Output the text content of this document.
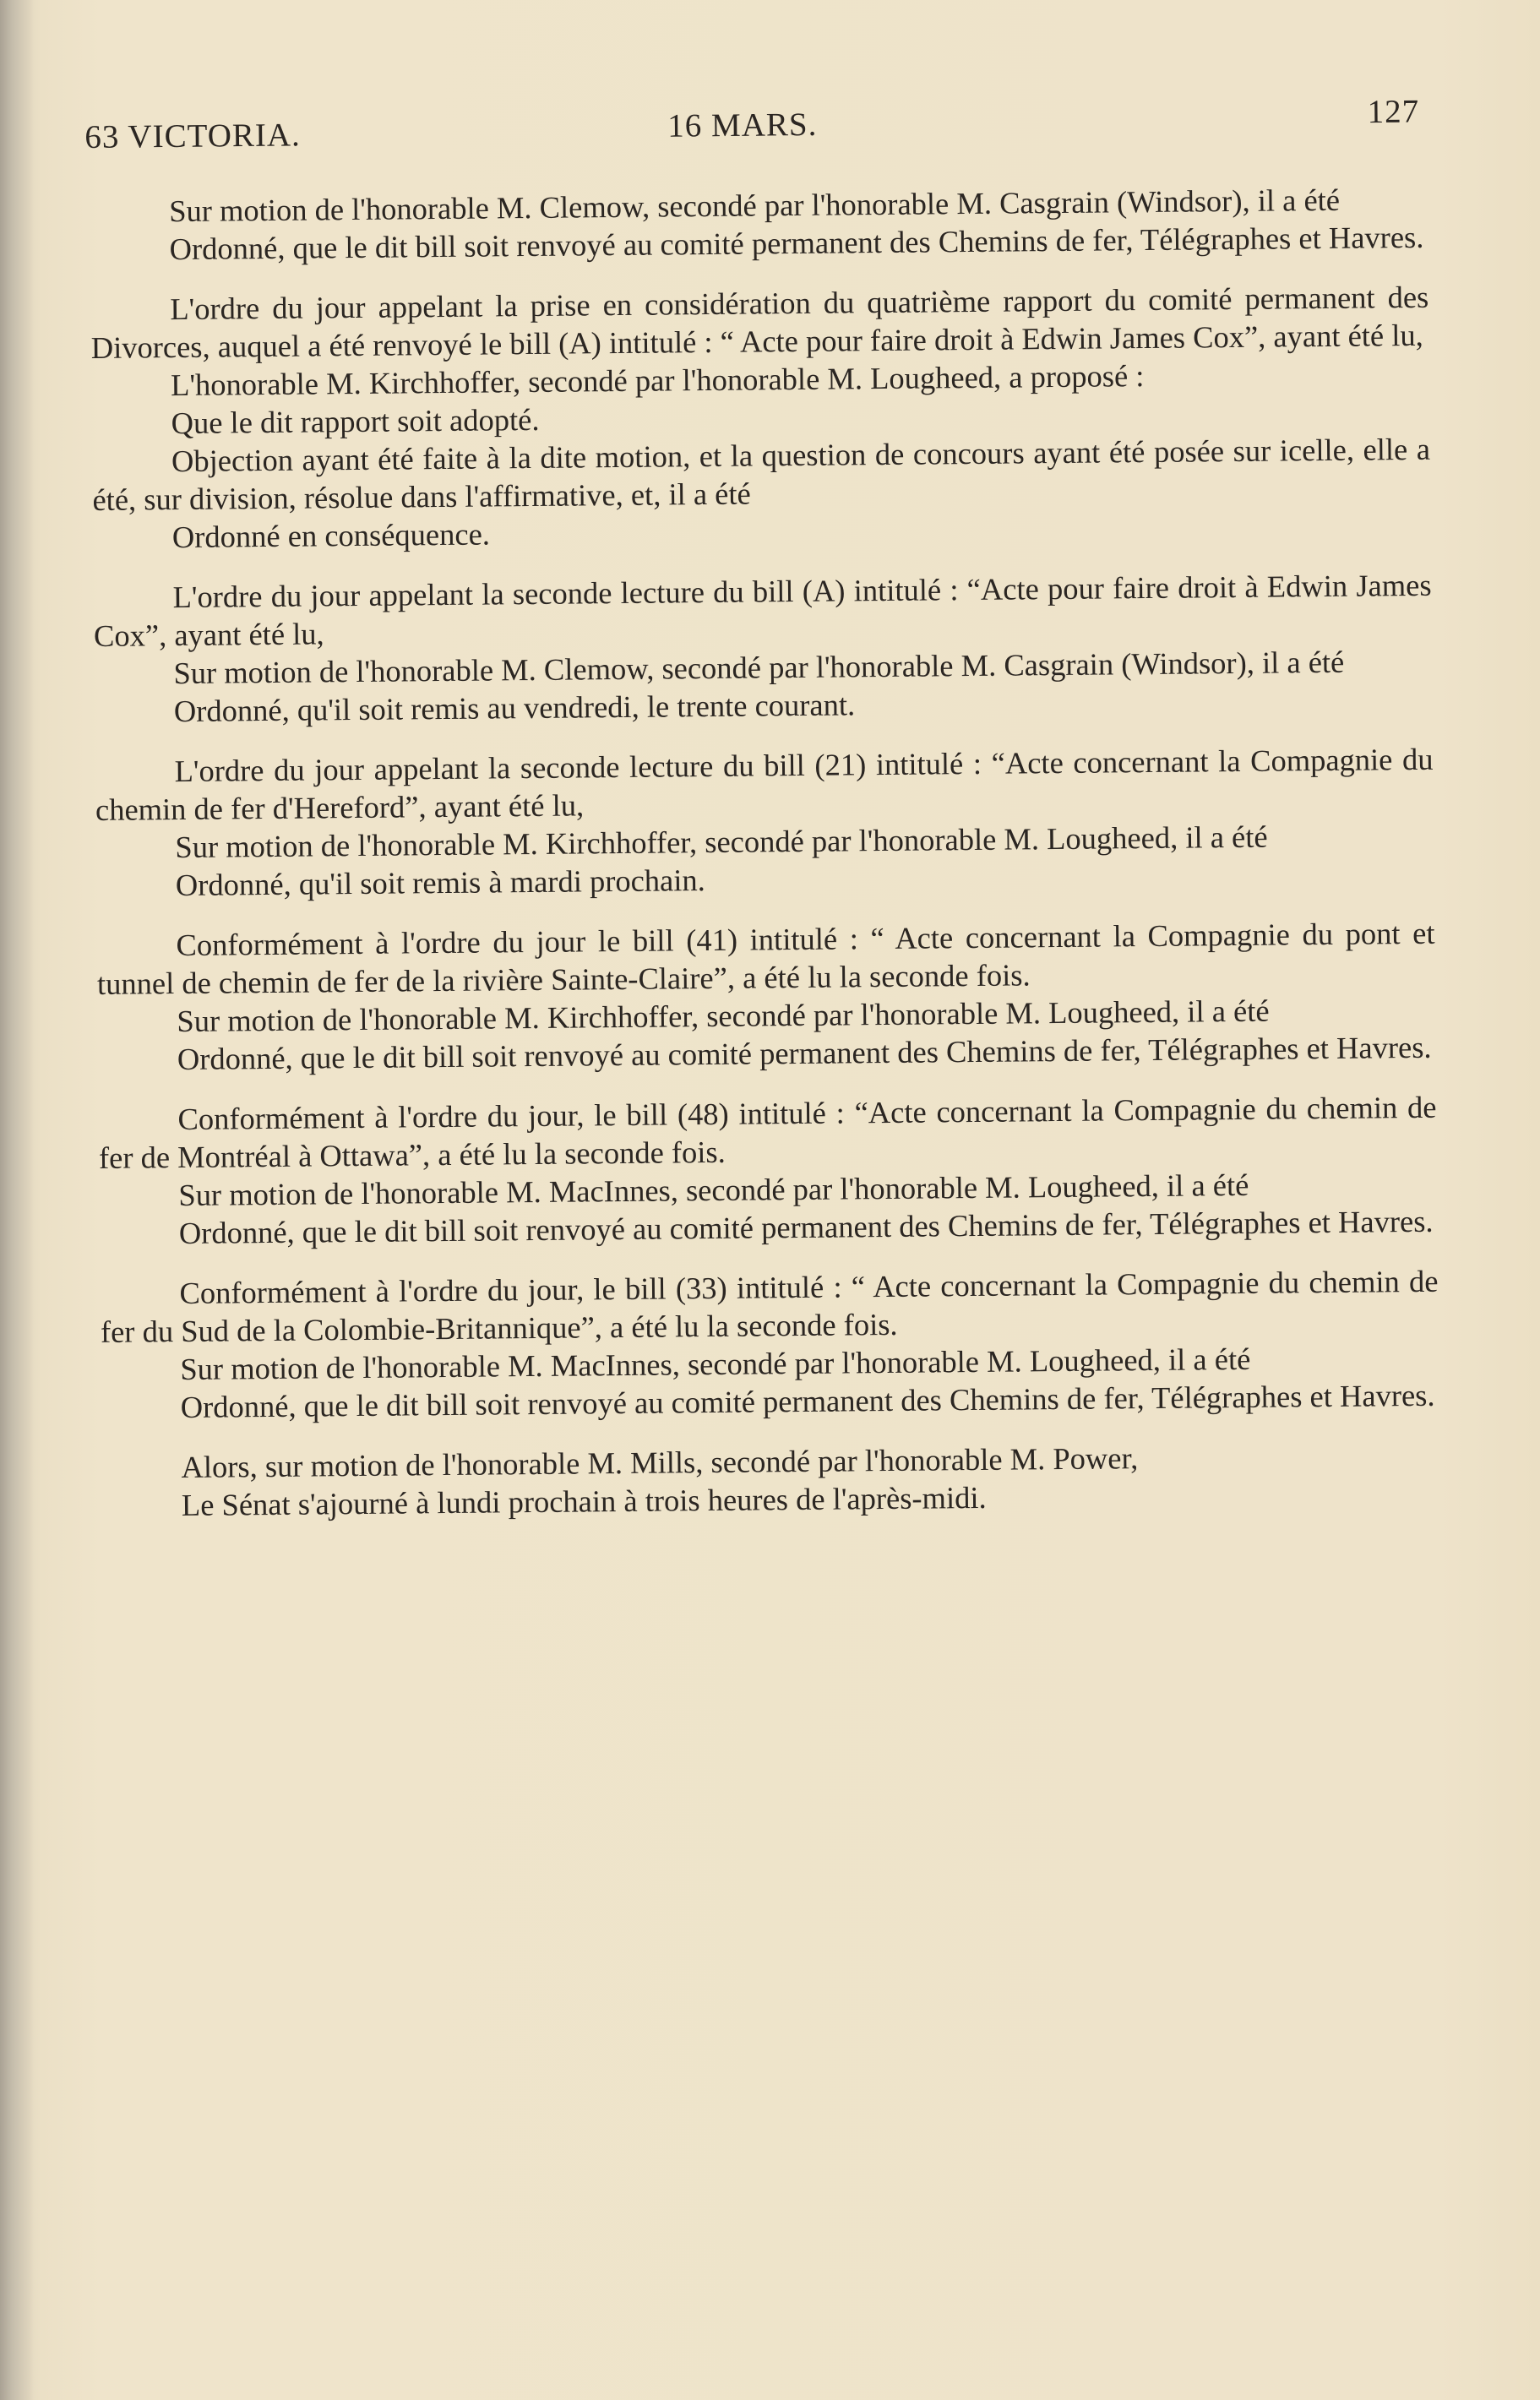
63 VICTORIA.	16 MARS.	127

Sur motion de l'honorable M. Clemow, secondé par l'honorable M. Casgrain (Windsor), il a été

Ordonné, que le dit bill soit renvoyé au comité permanent des Chemins de fer, Télégraphes et Havres.

L'ordre du jour appelant la prise en considération du quatrième rapport du comité permanent des Divorces, auquel a été renvoyé le bill (A) intitulé : “ Acte pour faire droit à Edwin James Cox”, ayant été lu,

L'honorable M. Kirchhoffer, secondé par l'honorable M. Lougheed, a proposé :

Que le dit rapport soit adopté.

Objection ayant été faite à la dite motion, et la question de concours ayant été posée sur icelle, elle a été, sur division, résolue dans l'affirmative, et, il a été

Ordonné en conséquence.

L'ordre du jour appelant la seconde lecture du bill (A) intitulé : “Acte pour faire droit à Edwin James Cox”, ayant été lu,

Sur motion de l'honorable M. Clemow, secondé par l'honorable M. Casgrain (Windsor), il a été

Ordonné, qu'il soit remis au vendredi, le trente courant.

L'ordre du jour appelant la seconde lecture du bill (21) intitulé : “Acte concernant la Compagnie du chemin de fer d'Hereford”, ayant été lu,

Sur motion de l'honorable M. Kirchhoffer, secondé par l'honorable M. Lougheed, il a été

Ordonné, qu'il soit remis à mardi prochain.

Conformément à l'ordre du jour le bill (41) intitulé : “ Acte concernant la Compagnie du pont et tunnel de chemin de fer de la rivière Sainte-Claire”, a été lu la seconde fois.

Sur motion de l'honorable M. Kirchhoffer, secondé par l'honorable M. Lougheed, il a été

Ordonné, que le dit bill soit renvoyé au comité permanent des Chemins de fer, Télégraphes et Havres.

Conformément à l'ordre du jour, le bill (48) intitulé : “Acte concernant la Compagnie du chemin de fer de Montréal à Ottawa”, a été lu la seconde fois.

Sur motion de l'honorable M. MacInnes, secondé par l'honorable M. Lougheed, il a été

Ordonné, que le dit bill soit renvoyé au comité permanent des Chemins de fer, Télégraphes et Havres.

Conformément à l'ordre du jour, le bill (33) intitulé : “ Acte concernant la Compagnie du chemin de fer du Sud de la Colombie-Britannique”, a été lu la seconde fois.

Sur motion de l'honorable M. MacInnes, secondé par l'honorable M. Lougheed, il a été

Ordonné, que le dit bill soit renvoyé au comité permanent des Chemins de fer, Télégraphes et Havres.

Alors, sur motion de l'honorable M. Mills, secondé par l'honorable M. Power,

Le Sénat s'ajourné à lundi prochain à trois heures de l'après-midi.
